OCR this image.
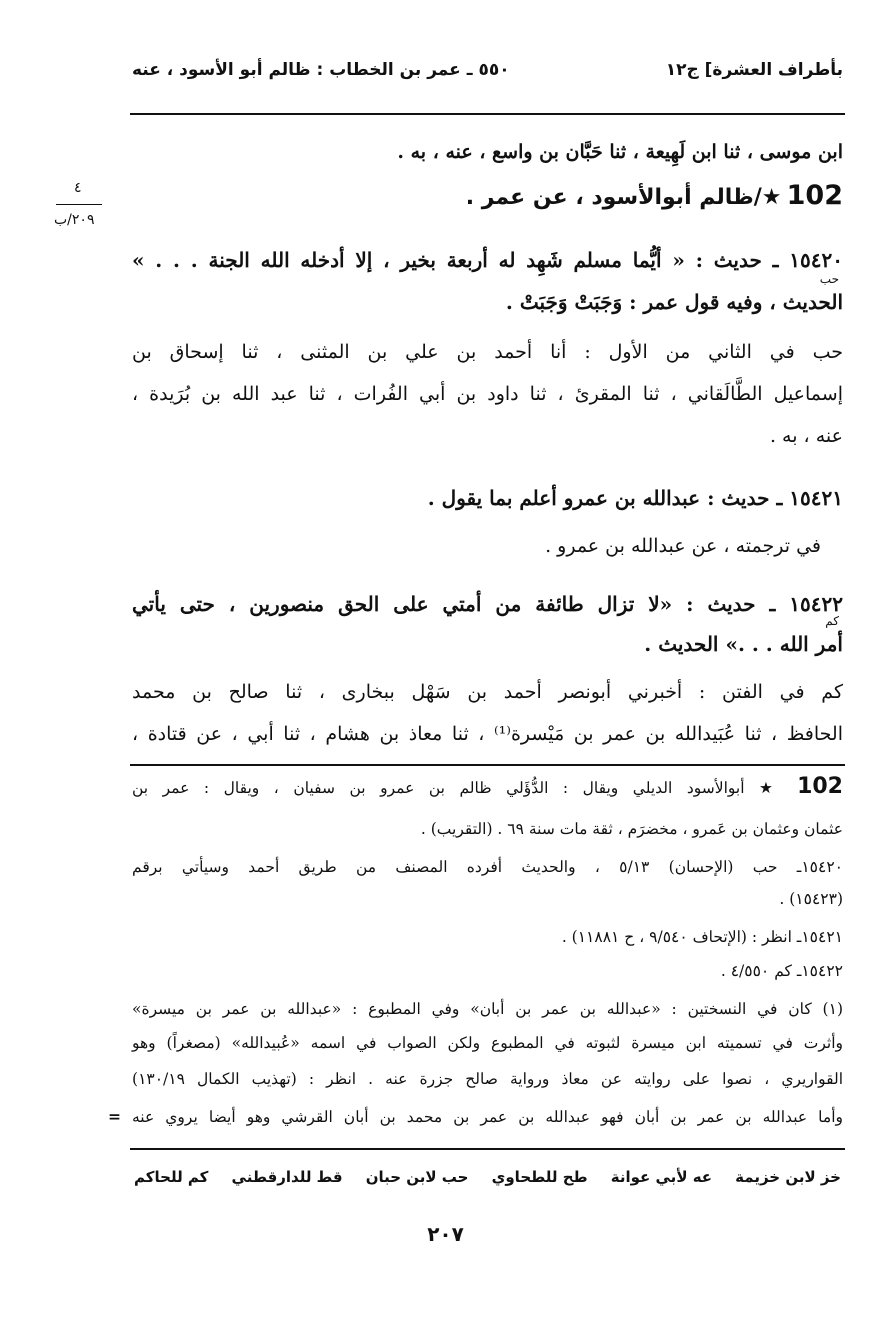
بأطراف العشرة] ج١٢
٥٥٠ ـ عمر بن الخطاب : ظالم أبو الأسود ، عنه
٤
٢٠٩/ب
ابن موسى ، ثنا ابن لَهِيعة ، ثنا حَبَّان بن واسع ، عنه ، به .
102 ★/ظالم أبوالأسود ، عن عمر .
١٥٤٢٠ ـ حديث : « أيُّما مسلم شَهِد له أربعة بخير ، إلا أدخله الله الجنة . . . »
حب
الحديث ، وفيه قول عمر : وَجَبَتْ وَجَبَتْ .
حب في الثاني من الأول : أنا أحمد بن علي بن المثنى ، ثنا إسحاق بن
إسماعيل الطَّالَقاني ، ثنا المقرئ ، ثنا داود بن أبي الفُرات ، ثنا عبد الله بن بُرَيدة ،
عنه ، به .
١٥٤٢١ ـ حديث : عبدالله بن عمرو أعلم بما يقول .
في ترجمته ، عن عبدالله بن عمرو .
١٥٤٢٢ ـ حديث : «لا تزال طائفة من أمتي على الحق منصورين ، حتى يأتي
كم
أمر الله . . .» الحديث .
كم في الفتن : أخبرني أبونصر أحمد بن سَهْل ببخارى ، ثنا صالح بن محمد
الحافظ ، ثنا عُبَيدالله بن عمر بن مَيْسرة⁽¹⁾ ، ثنا معاذ بن هشام ، ثنا أبي ، عن قتادة ،
102 ★ أبوالأسود الديلي ويقال : الدُّؤَلي ظالم بن عمرو بن سفيان ، ويقال : عمر بن
عثمان وعثمان بن عَمرو ، مخضرَم ، ثقة مات سنة ٦٩ . (التقريب) .
١٥٤٢٠ـ حب (الإحسان) ٥/١٣ ، والحديث أفرده المصنف من طريق أحمد وسيأتي برقم
(١٥٤٢٣) .
١٥٤٢١ـ انظر : (الإتحاف ٩/٥٤٠ ، ح ١١٨٨١) .
١٥٤٢٢ـ كم ٤/٥٥٠ .
(١) كان في النسختين : «عبدالله بن عمر بن أبان» وفي المطبوع : «عبدالله بن عمر بن ميسرة»
وأثرت في تسميته ابن ميسرة لثبوته في المطبوع ولكن الصواب في اسمه «عُبيدالله» (مصغراً) وهو
القواريري ، نصوا على روايته عن معاذ ورواية صالح جزرة عنه . انظر : (تهذيب الكمال ١٣٠/١٩)
وأما عبدالله بن عمر بن أبان فهو عبدالله بن عمر بن محمد بن أبان القرشي وهو أيضا يروي عنه
=
خز لابن خزيمة
عه لأبي عوانة
طح للطحاوي
حب لابن حبان
قط للدارقطني
كم للحاكم
٢٠٧
